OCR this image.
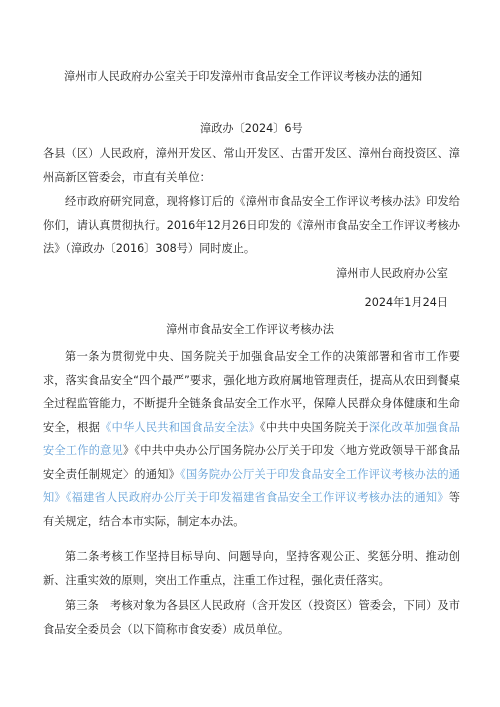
漳州市人民政府办公室关于印发漳州市食品安全工作评议考核办法的通知
漳政办〔2024〕6号
各县（区）人民政府，漳州开发区、常山开发区、古雷开发区、漳州台商投资区、漳州高新区管委会，市直有关单位：
经市政府研究同意，现将修订后的《漳州市食品安全工作评议考核办法》印发给你们，请认真贯彻执行。2016年12月26日印发的《漳州市食品安全工作评议考核办法》（漳政办〔2016〕308号）同时废止。
漳州市人民政府办公室
2024年1月24日
漳州市食品安全工作评议考核办法
第一条为贯彻党中央、国务院关于加强食品安全工作的决策部署和省市工作要求，落实食品安全“四个最严”要求，强化地方政府属地管理责任，提高从农田到餐桌全过程监管能力，不断提升全链条食品安全工作水平，保障人民群众身体健康和生命安全，根据《中华人民共和国食品安全法》《中共中央国务院关于深化改革加强食品安全工作的意见》《中共中央办公厅国务院办公厅关于印发〈地方党政领导干部食品安全责任制规定〉的通知》《国务院办公厅关于印发食品安全工作评议考核办法的通知》《福建省人民政府办公厅关于印发福建省食品安全工作评议考核办法的通知》等有关规定，结合本市实际，制定本办法。
第二条考核工作坚持目标导向、问题导向，坚持客观公正、奖惩分明、推动创新、注重实效的原则，突出工作重点，注重工作过程，强化责任落实。
第三条　考核对象为各县区人民政府（含开发区（投资区）管委会，下同）及市食品安全委员会（以下简称市食安委）成员单位。
